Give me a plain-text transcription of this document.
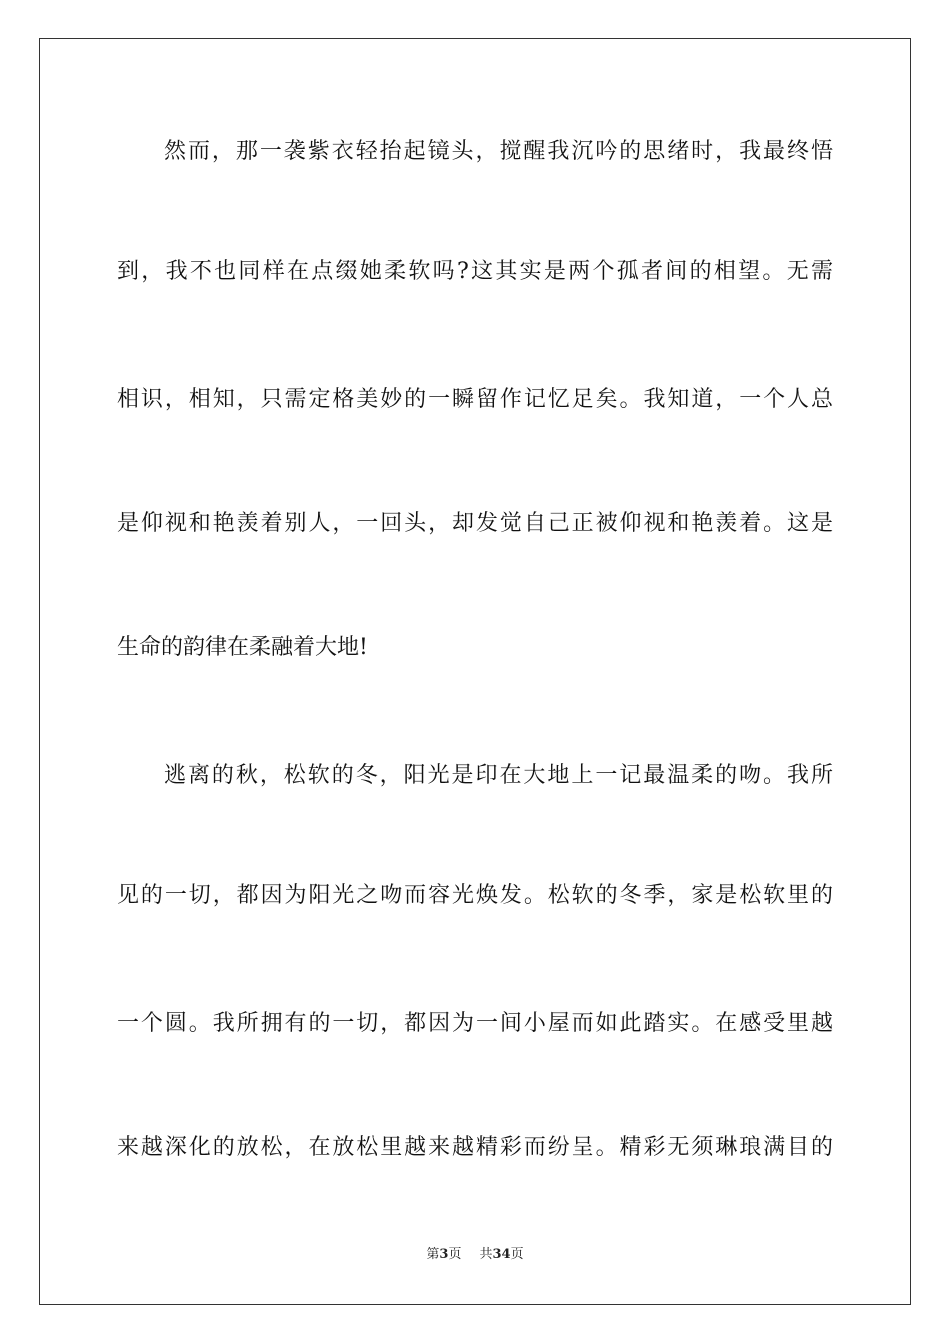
然而，那一袭紫衣轻抬起镜头，搅醒我沉吟的思绪时，我最终悟
到，我不也同样在点缀她柔软吗?这其实是两个孤者间的相望。无需
相识，相知，只需定格美妙的一瞬留作记忆足矣。我知道，一个人总
是仰视和艳羡着别人，一回头，却发觉自己正被仰视和艳羡着。这是
生命的韵律在柔融着大地!
逃离的秋，松软的冬，阳光是印在大地上一记最温柔的吻。我所
见的一切，都因为阳光之吻而容光焕发。松软的冬季，家是松软里的
一个圆。我所拥有的一切，都因为一间小屋而如此踏实。在感受里越
来越深化的放松，在放松里越来越精彩而纷呈。精彩无须琳琅满目的
第3页 共34页
